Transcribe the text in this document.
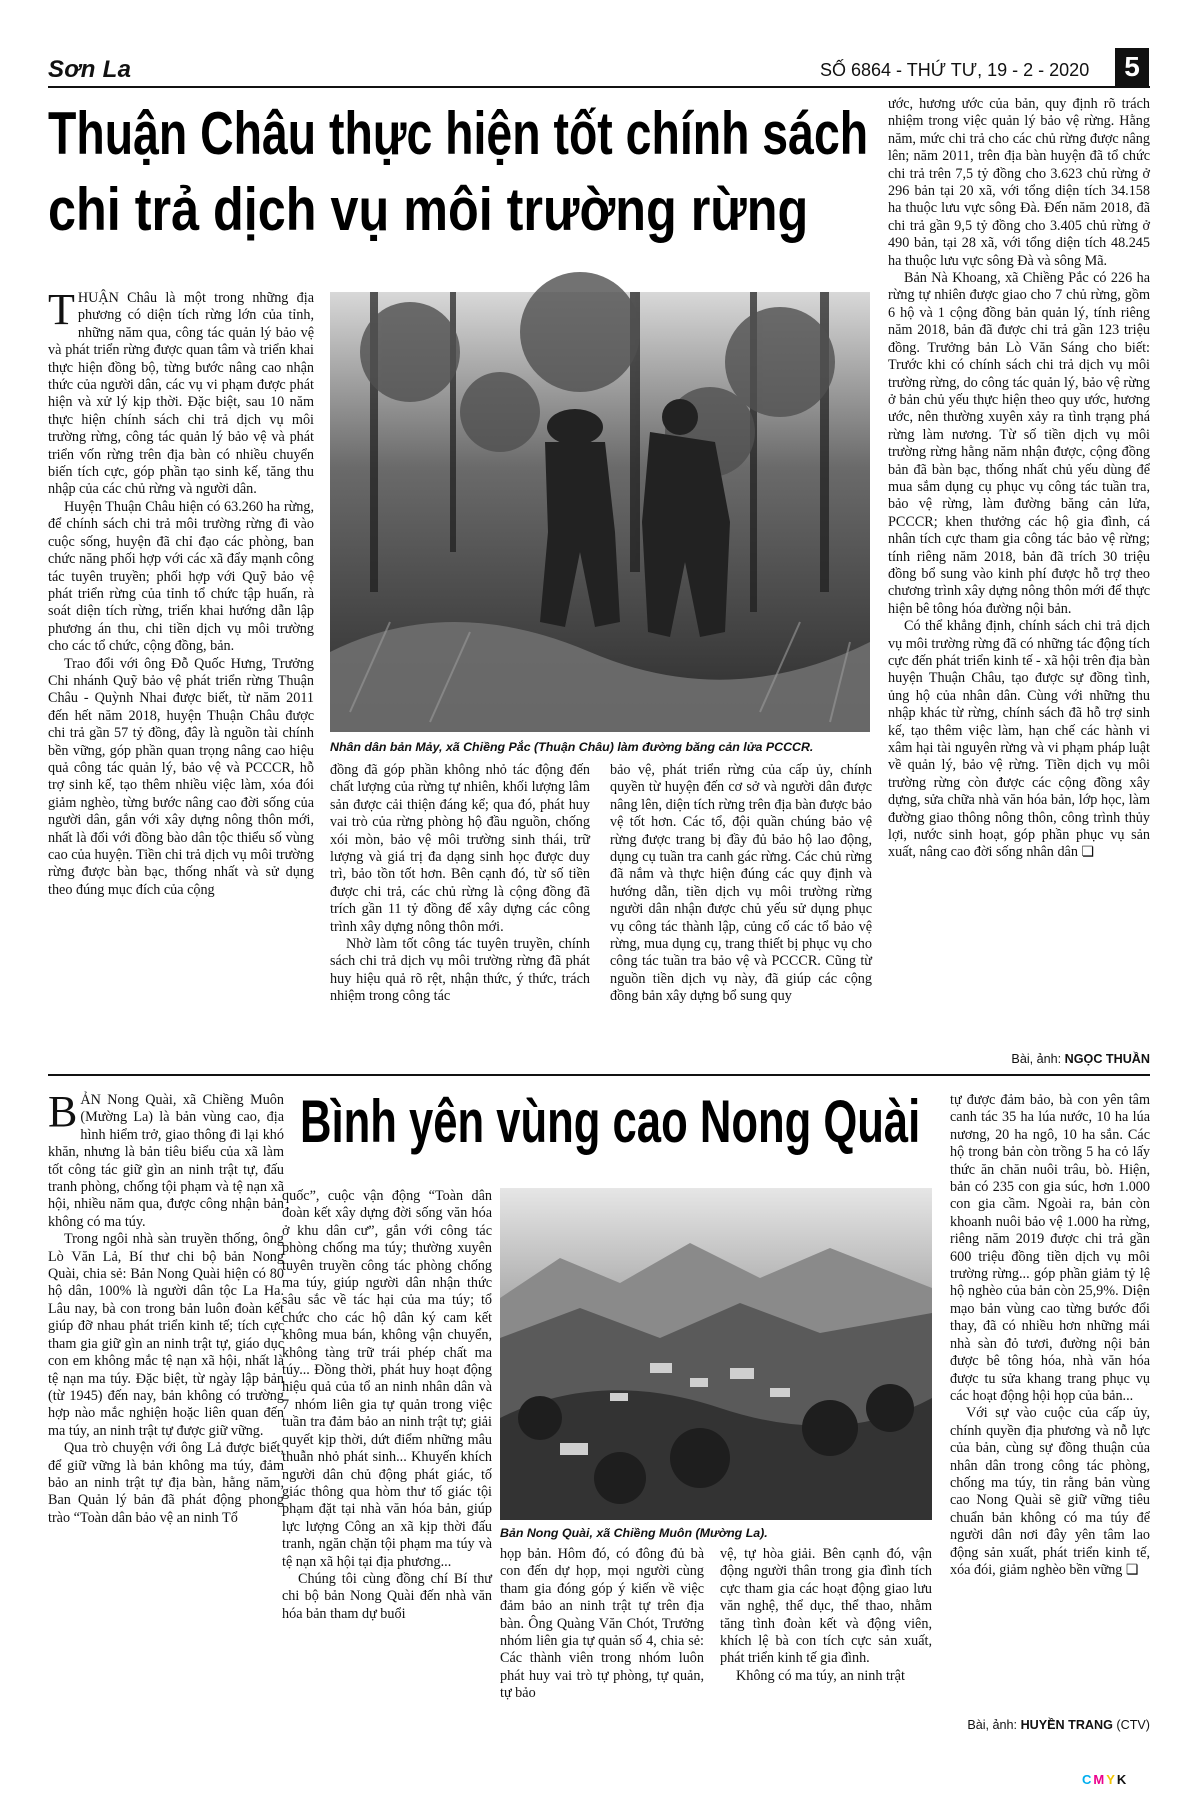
Sơn La	SỐ 6864 - THỨ TƯ, 19 - 2 - 2020	5
Thuận Châu thực hiện tốt chính sách
chi trả dịch vụ môi trường rừng

THUẬN Châu là một trong những địa phương có diện tích rừng lớn của tỉnh, những năm qua, công tác quản lý bảo vệ và phát triển rừng được quan tâm và triển khai thực hiện đồng bộ, từng bước nâng cao nhận thức của người dân, các vụ vi phạm được phát hiện và xử lý kịp thời. Đặc biệt, sau 10 năm thực hiện chính sách chi trả dịch vụ môi trường rừng, công tác quản lý bảo vệ và phát triển vốn rừng trên địa bàn có nhiều chuyển biến tích cực, góp phần tạo sinh kế, tăng thu nhập của các chủ rừng và người dân.

Huyện Thuận Châu hiện có 63.260 ha rừng, để chính sách chi trả môi trường rừng đi vào cuộc sống, huyện đã chỉ đạo các phòng, ban chức năng phối hợp với các xã đẩy mạnh công tác tuyên truyền; phối hợp với Quỹ bảo vệ phát triển rừng của tỉnh tổ chức tập huấn, rà soát diện tích rừng, triển khai hướng dẫn lập phương án thu, chi tiền dịch vụ môi trường cho các tổ chức, cộng đồng, bản.

Trao đổi với ông Đỗ Quốc Hưng, Trưởng Chi nhánh Quỹ bảo vệ phát triển rừng Thuận Châu - Quỳnh Nhai được biết, từ năm 2011 đến hết năm 2018, huyện Thuận Châu được chi trả gần 57 tỷ đồng, đây là nguồn tài chính bền vững, góp phần quan trọng nâng cao hiệu quả công tác quản lý, bảo vệ và PCCCR, hỗ trợ sinh kế, tạo thêm nhiều việc làm, xóa đói giảm nghèo, từng bước nâng cao đời sống của người dân, gắn với xây dựng nông thôn mới, nhất là đối với đồng bào dân tộc thiểu số vùng cao của huyện. Tiền chi trả dịch vụ môi trường rừng được bàn bạc, thống nhất và sử dụng theo đúng mục đích của cộng

Nhân dân bản Mảy, xã Chiềng Pắc (Thuận Châu) làm đường băng cản lửa PCCCR.

đồng đã góp phần không nhỏ tác động đến chất lượng của rừng tự nhiên, khối lượng lâm sản được cải thiện đáng kể; qua đó, phát huy vai trò của rừng phòng hộ đầu nguồn, chống xói mòn, bảo vệ môi trường sinh thái, trữ lượng và giá trị đa dạng sinh học được duy trì, bảo tồn tốt hơn. Bên cạnh đó, từ số tiền được chi trả, các chủ rừng là cộng đồng đã trích gần 11 tỷ đồng để xây dựng các công trình xây dựng nông thôn mới.

Nhờ làm tốt công tác tuyên truyền, chính sách chi trả dịch vụ môi trường rừng đã phát huy hiệu quả rõ rệt, nhận thức, ý thức, trách nhiệm trong công tác

bảo vệ, phát triển rừng của cấp ủy, chính quyền từ huyện đến cơ sở và người dân được nâng lên, diện tích rừng trên địa bàn được bảo vệ tốt hơn. Các tổ, đội quần chúng bảo vệ rừng được trang bị đầy đủ bảo hộ lao động, dụng cụ tuần tra canh gác rừng. Các chủ rừng đã nắm và thực hiện đúng các quy định và hướng dẫn, tiền dịch vụ môi trường rừng người dân nhận được chủ yếu sử dụng phục vụ công tác thành lập, củng cố các tổ bảo vệ rừng, mua dụng cụ, trang thiết bị phục vụ cho công tác tuần tra bảo vệ và PCCCR. Cũng từ nguồn tiền dịch vụ này, đã giúp các cộng đồng bản xây dựng bổ sung quy

ước, hương ước của bản, quy định rõ trách nhiệm trong việc quản lý bảo vệ rừng. Hằng năm, mức chi trả cho các chủ rừng được nâng lên; năm 2011, trên địa bàn huyện đã tổ chức chi trả trên 7,5 tỷ đồng cho 3.623 chủ rừng ở 296 bản tại 20 xã, với tổng diện tích 34.158 ha thuộc lưu vực sông Đà. Đến năm 2018, đã chi trả gần 9,5 tỷ đồng cho 3.405 chủ rừng ở 490 bản, tại 28 xã, với tổng diện tích 48.245 ha thuộc lưu vực sông Đà và sông Mã.

Bản Nà Khoang, xã Chiềng Pắc có 226 ha rừng tự nhiên được giao cho 7 chủ rừng, gồm 6 hộ và 1 cộng đồng bản quản lý, tính riêng năm 2018, bản đã được chi trả gần 123 triệu đồng. Trưởng bản Lò Văn Sáng cho biết: Trước khi có chính sách chi trả dịch vụ môi trường rừng, do công tác quản lý, bảo vệ rừng ở bản chủ yếu thực hiện theo quy ước, hương ước, nên thường xuyên xảy ra tình trạng phá rừng làm nương. Từ số tiền dịch vụ môi trường rừng hằng năm nhận được, cộng đồng bản đã bàn bạc, thống nhất chủ yếu dùng để mua sắm dụng cụ phục vụ công tác tuần tra, bảo vệ rừng, làm đường băng cản lửa, PCCCR; khen thưởng các hộ gia đình, cá nhân tích cực tham gia công tác bảo vệ rừng; tính riêng năm 2018, bản đã trích 30 triệu đồng bổ sung vào kinh phí được hỗ trợ theo chương trình xây dựng nông thôn mới để thực hiện bê tông hóa đường nội bản.

Có thể khẳng định, chính sách chi trả dịch vụ môi trường rừng đã có những tác động tích cực đến phát triển kinh tế - xã hội trên địa bàn huyện Thuận Châu, tạo được sự đồng tình, ủng hộ của nhân dân. Cùng với những thu nhập khác từ rừng, chính sách đã hỗ trợ sinh kế, tạo thêm việc làm, hạn chế các hành vi xâm hại tài nguyên rừng và vi phạm pháp luật về quản lý, bảo vệ rừng. Tiền dịch vụ môi trường rừng còn được các cộng đồng xây dựng, sửa chữa nhà văn hóa bản, lớp học, làm đường giao thông nông thôn, công trình thủy lợi, nước sinh hoạt, góp phần phục vụ sản xuất, nâng cao đời sống nhân dân ❏

Bài, ảnh: NGỌC THUẦN

BẢN Nong Quài, xã Chiềng Muôn (Mường La) là bản vùng cao, địa hình hiểm trở, giao thông đi lại khó khăn, nhưng là bản tiêu biểu của xã làm tốt công tác giữ gìn an ninh trật tự, đấu tranh phòng, chống tội phạm và tệ nạn xã hội, nhiều năm qua, được công nhận bản không có ma túy.

Trong ngôi nhà sàn truyền thống, ông Lò Văn Lả, Bí thư chi bộ bản Nong Quài, chia sẻ: Bản Nong Quài hiện có 80 hộ dân, 100% là người dân tộc La Ha. Lâu nay, bà con trong bản luôn đoàn kết giúp đỡ nhau phát triển kinh tế; tích cực tham gia giữ gìn an ninh trật tự, giáo dục con em không mắc tệ nạn xã hội, nhất là tệ nạn ma túy. Đặc biệt, từ ngày lập bản (từ 1945) đến nay, bản không có trường hợp nào mắc nghiện hoặc liên quan đến ma túy, an ninh trật tự được giữ vững.

Qua trò chuyện với ông Lả được biết, để giữ vững là bản không ma túy, đảm bảo an ninh trật tự địa bàn, hằng năm, Ban Quản lý bản đã phát động phong trào “Toàn dân bảo vệ an ninh Tổ

Bình yên vùng cao Nong Quài

quốc”, cuộc vận động “Toàn dân đoàn kết xây dựng đời sống văn hóa ở khu dân cư”, gắn với công tác phòng chống ma túy; thường xuyên tuyên truyền công tác phòng chống ma túy, giúp người dân nhận thức sâu sắc về tác hại của ma túy; tổ chức cho các hộ dân ký cam kết không mua bán, không vận chuyển, không tàng trữ trái phép chất ma túy... Đồng thời, phát huy hoạt động hiệu quả của tổ an ninh nhân dân và 7 nhóm liên gia tự quản trong việc tuần tra đảm bảo an ninh trật tự; giải quyết kịp thời, dứt điểm những mâu thuẫn nhỏ phát sinh... Khuyến khích người dân chủ động phát giác, tố giác thông qua hòm thư tố giác tội phạm đặt tại nhà văn hóa bản, giúp lực lượng Công an xã kịp thời đấu tranh, ngăn chặn tội phạm ma túy và tệ nạn xã hội tại địa phương...

Chúng tôi cùng đồng chí Bí thư chi bộ bản Nong Quài đến nhà văn hóa bản tham dự buổi

Bản Nong Quài, xã Chiềng Muôn (Mường La).

họp bản. Hôm đó, có đông đủ bà con đến dự họp, mọi người cùng tham gia đóng góp ý kiến về việc đảm bảo an ninh trật tự trên địa bàn. Ông Quàng Văn Chót, Trưởng nhóm liên gia tự quản số 4, chia sẻ: Các thành viên trong nhóm luôn phát huy vai trò tự phòng, tự quản, tự bảo

vệ, tự hòa giải. Bên cạnh đó, vận động người thân trong gia đình tích cực tham gia các hoạt động giao lưu văn nghệ, thể dục, thể thao, nhằm tăng tình đoàn kết và động viên, khích lệ bà con tích cực sản xuất, phát triển kinh tế gia đình.

Không có ma túy, an ninh trật

tự được đảm bảo, bà con yên tâm canh tác 35 ha lúa nước, 10 ha lúa nương, 20 ha ngô, 10 ha sắn. Các hộ trong bản còn trồng 5 ha cỏ lấy thức ăn chăn nuôi trâu, bò. Hiện, bản có 235 con gia súc, hơn 1.000 con gia cầm. Ngoài ra, bản còn khoanh nuôi bảo vệ 1.000 ha rừng, riêng năm 2019 được chi trả gần 600 triệu đồng tiền dịch vụ môi trường rừng... góp phần giảm tỷ lệ hộ nghèo của bản còn 25,9%. Diện mạo bản vùng cao từng bước đổi thay, đã có nhiều hơn những mái nhà sàn đỏ tươi, đường nội bản được bê tông hóa, nhà văn hóa được tu sửa khang trang phục vụ các hoạt động hội họp của bản...

Với sự vào cuộc của cấp ủy, chính quyền địa phương và nỗ lực của bản, cùng sự đồng thuận của nhân dân trong công tác phòng, chống ma túy, tin rằng bản vùng cao Nong Quài sẽ giữ vững tiêu chuẩn bản không có ma túy để người dân nơi đây yên tâm lao động sản xuất, phát triển kinh tế, xóa đói, giảm nghèo bền vững ❏

Bài, ảnh: HUYỀN TRANG (CTV)
CMYK
